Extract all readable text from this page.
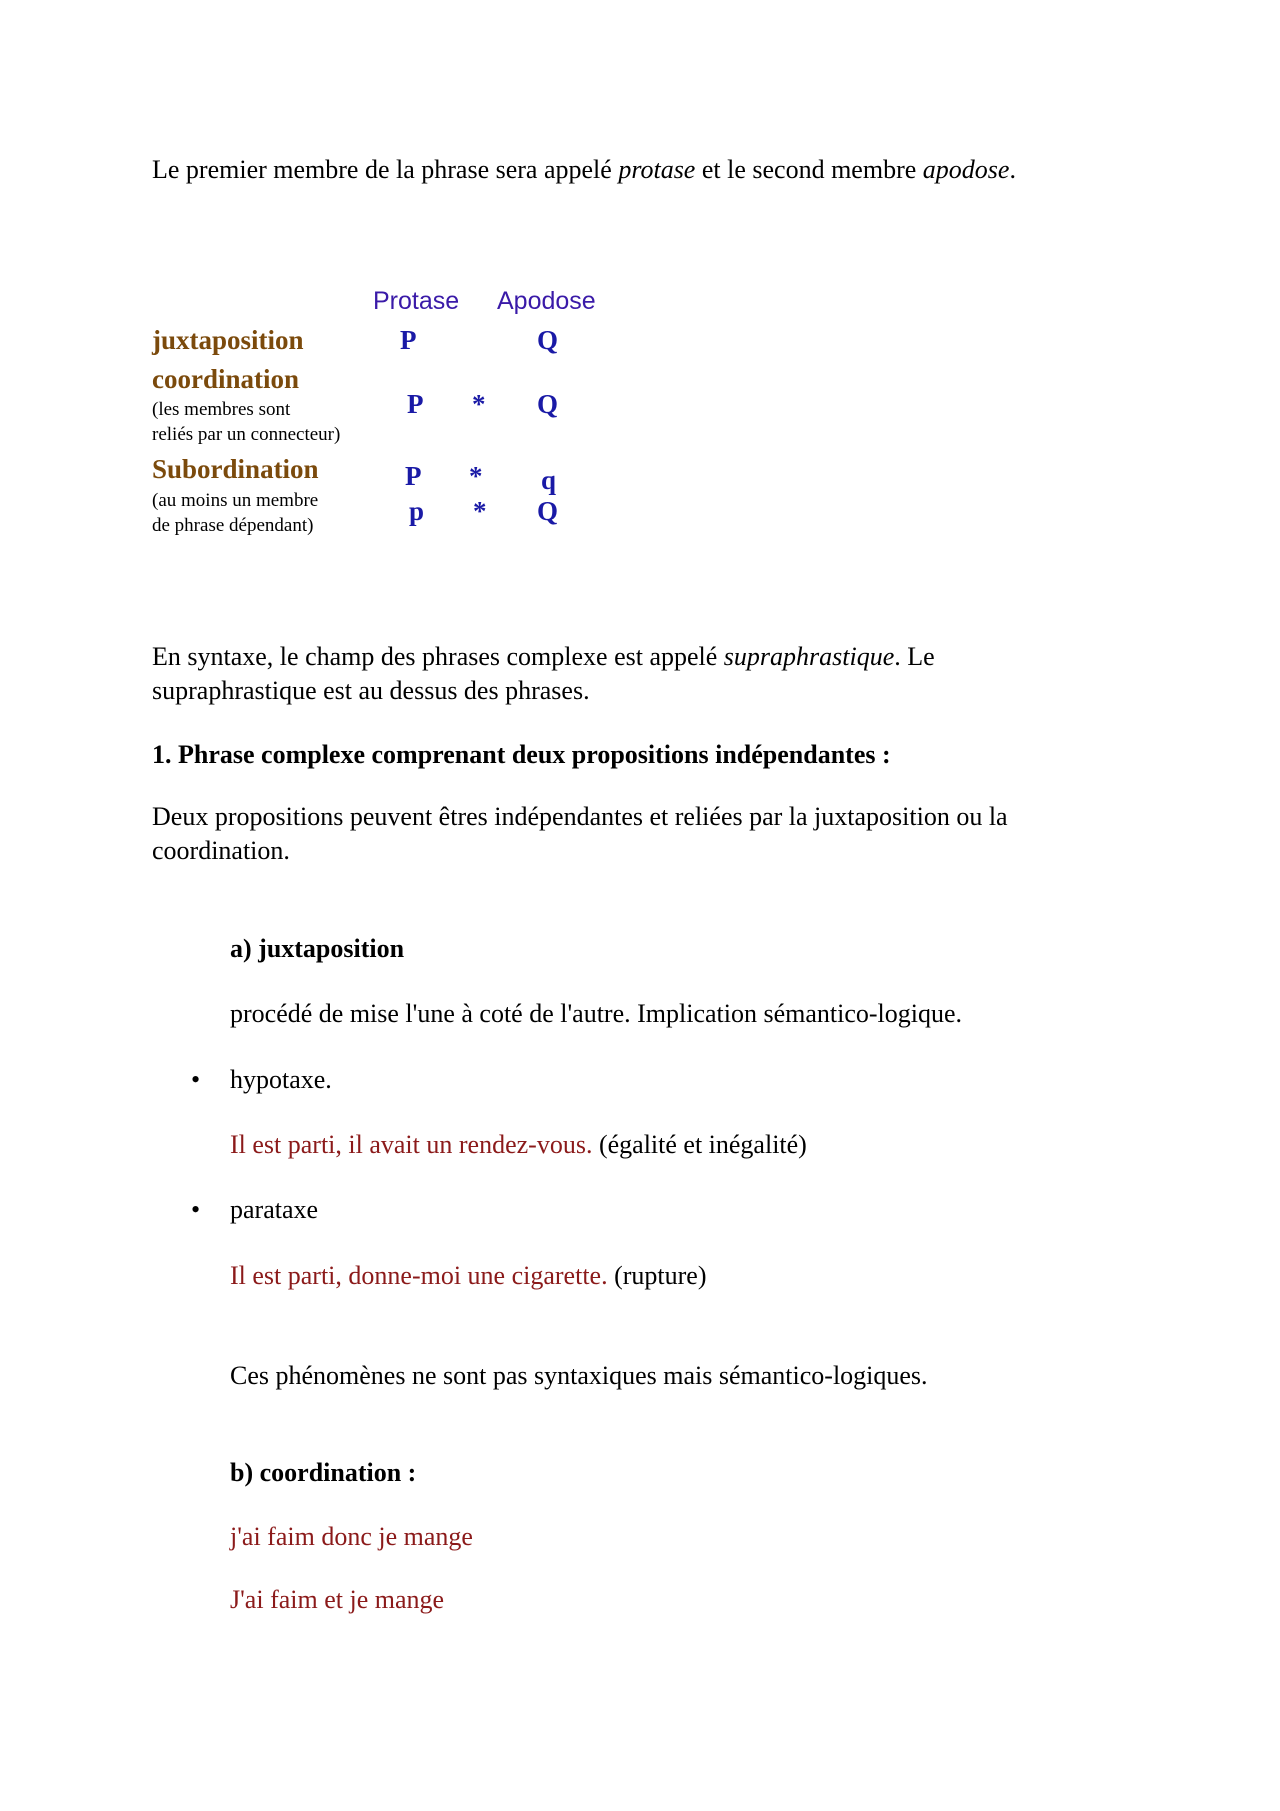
Le premier membre de la phrase sera appelé protase et le second membre apodose.
Protase Apodose
juxtaposition	P	Q
coordination
(les membres sont
reliés par un connecteur)
P * Q
Subordination
(au moins un membre
de phrase dépendant)
P * q
p * Q
En syntaxe, le champ des phrases complexe est appelé supraphrastique. Le
supraphrastique est au dessus des phrases.
1. Phrase complexe comprenant deux propositions indépendantes :
Deux propositions peuvent êtres indépendantes et reliées par la juxtaposition ou la
coordination.
a) juxtaposition
procédé de mise l'une à coté de l'autre. Implication sémantico-logique.
• hypotaxe.
Il est parti, il avait un rendez-vous. (égalité et inégalité)
• parataxe
Il est parti, donne-moi une cigarette. (rupture)
Ces phénomènes ne sont pas syntaxiques mais sémantico-logiques.
b) coordination :
j'ai faim donc je mange
J'ai faim et je mange
